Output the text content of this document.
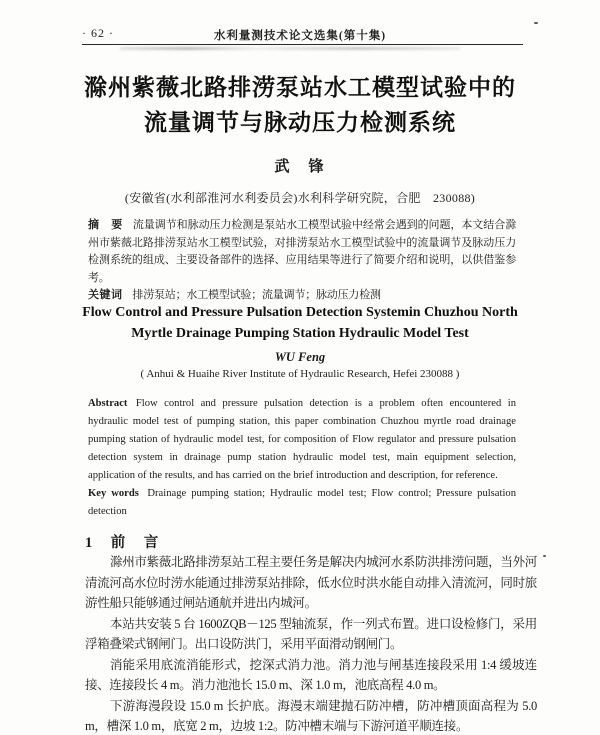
· 62 ·	水利量测技术论文选集(第十集)
滁州紫薇北路排涝泵站水工模型试验中的
流量调节与脉动压力检测系统
武　锋
(安徽省(水利部淮河水利委员会)水利科学研究院，合肥　230088)

摘　要 流量调节和脉动压力检测是泵站水工模型试验中经常会遇到的问题，本文结合滁州市紫薇北路排涝泵站水工模型试验，对排涝泵站水工模型试验中的流量调节及脉动压力检测系统的组成、主要设备部件的选择、应用结果等进行了简要介绍和说明，以供借鉴参考。

关键词 排涝泵站；水工模型试验；流量调节；脉动压力检测

Flow Control and Pressure Pulsation Detection Systemin Chuzhou North
Myrtle Drainage Pumping Station Hydraulic Model Test
WU Feng
( Anhui & Huaihe River Institute of Hydraulic Research, Hefei 230088 )

Abstract Flow control and pressure pulsation detection is a problem often encountered in hydraulic model test of pumping station, this paper combination Chuzhou myrtle road drainage pumping station of hydraulic model test, for composition of Flow regulator and pressure pulsation detection system in drainage pump station hydraulic model test, main equipment selection, application of the results, and has carried on the brief introduction and description, for reference.

Key words Drainage pumping station; Hydraulic model test; Flow control; Pressure pulsation detection

1　前　言

滁州市紫薇北路排涝泵站工程主要任务是解决内城河水系防洪排涝问题，当外河清流河高水位时涝水能通过排涝泵站排除，低水位时洪水能自动排入清流河，同时旅游性船只能够通过闸站通航并进出内城河。

本站共安装 5 台 1600ZQB－125 型轴流泵，作一列式布置。进口设检修门，采用浮箱叠梁式钢闸门。出口设防洪门，采用平面滑动钢闸门。

消能采用底流消能形式，挖深式消力池。消力池与闸基连接段采用 1:4 缓坡连接、连接段长 4 m。消力池池长 15.0 m、深 1.0 m，池底高程 4.0 m。

下游海漫段设 15.0 m 长护底。海漫末端建抛石防冲槽，防冲槽顶面高程为 5.0 m，槽深 1.0 m，底宽 2 m，边坡 1:2。防冲槽末端与下游河道平顺连接。
